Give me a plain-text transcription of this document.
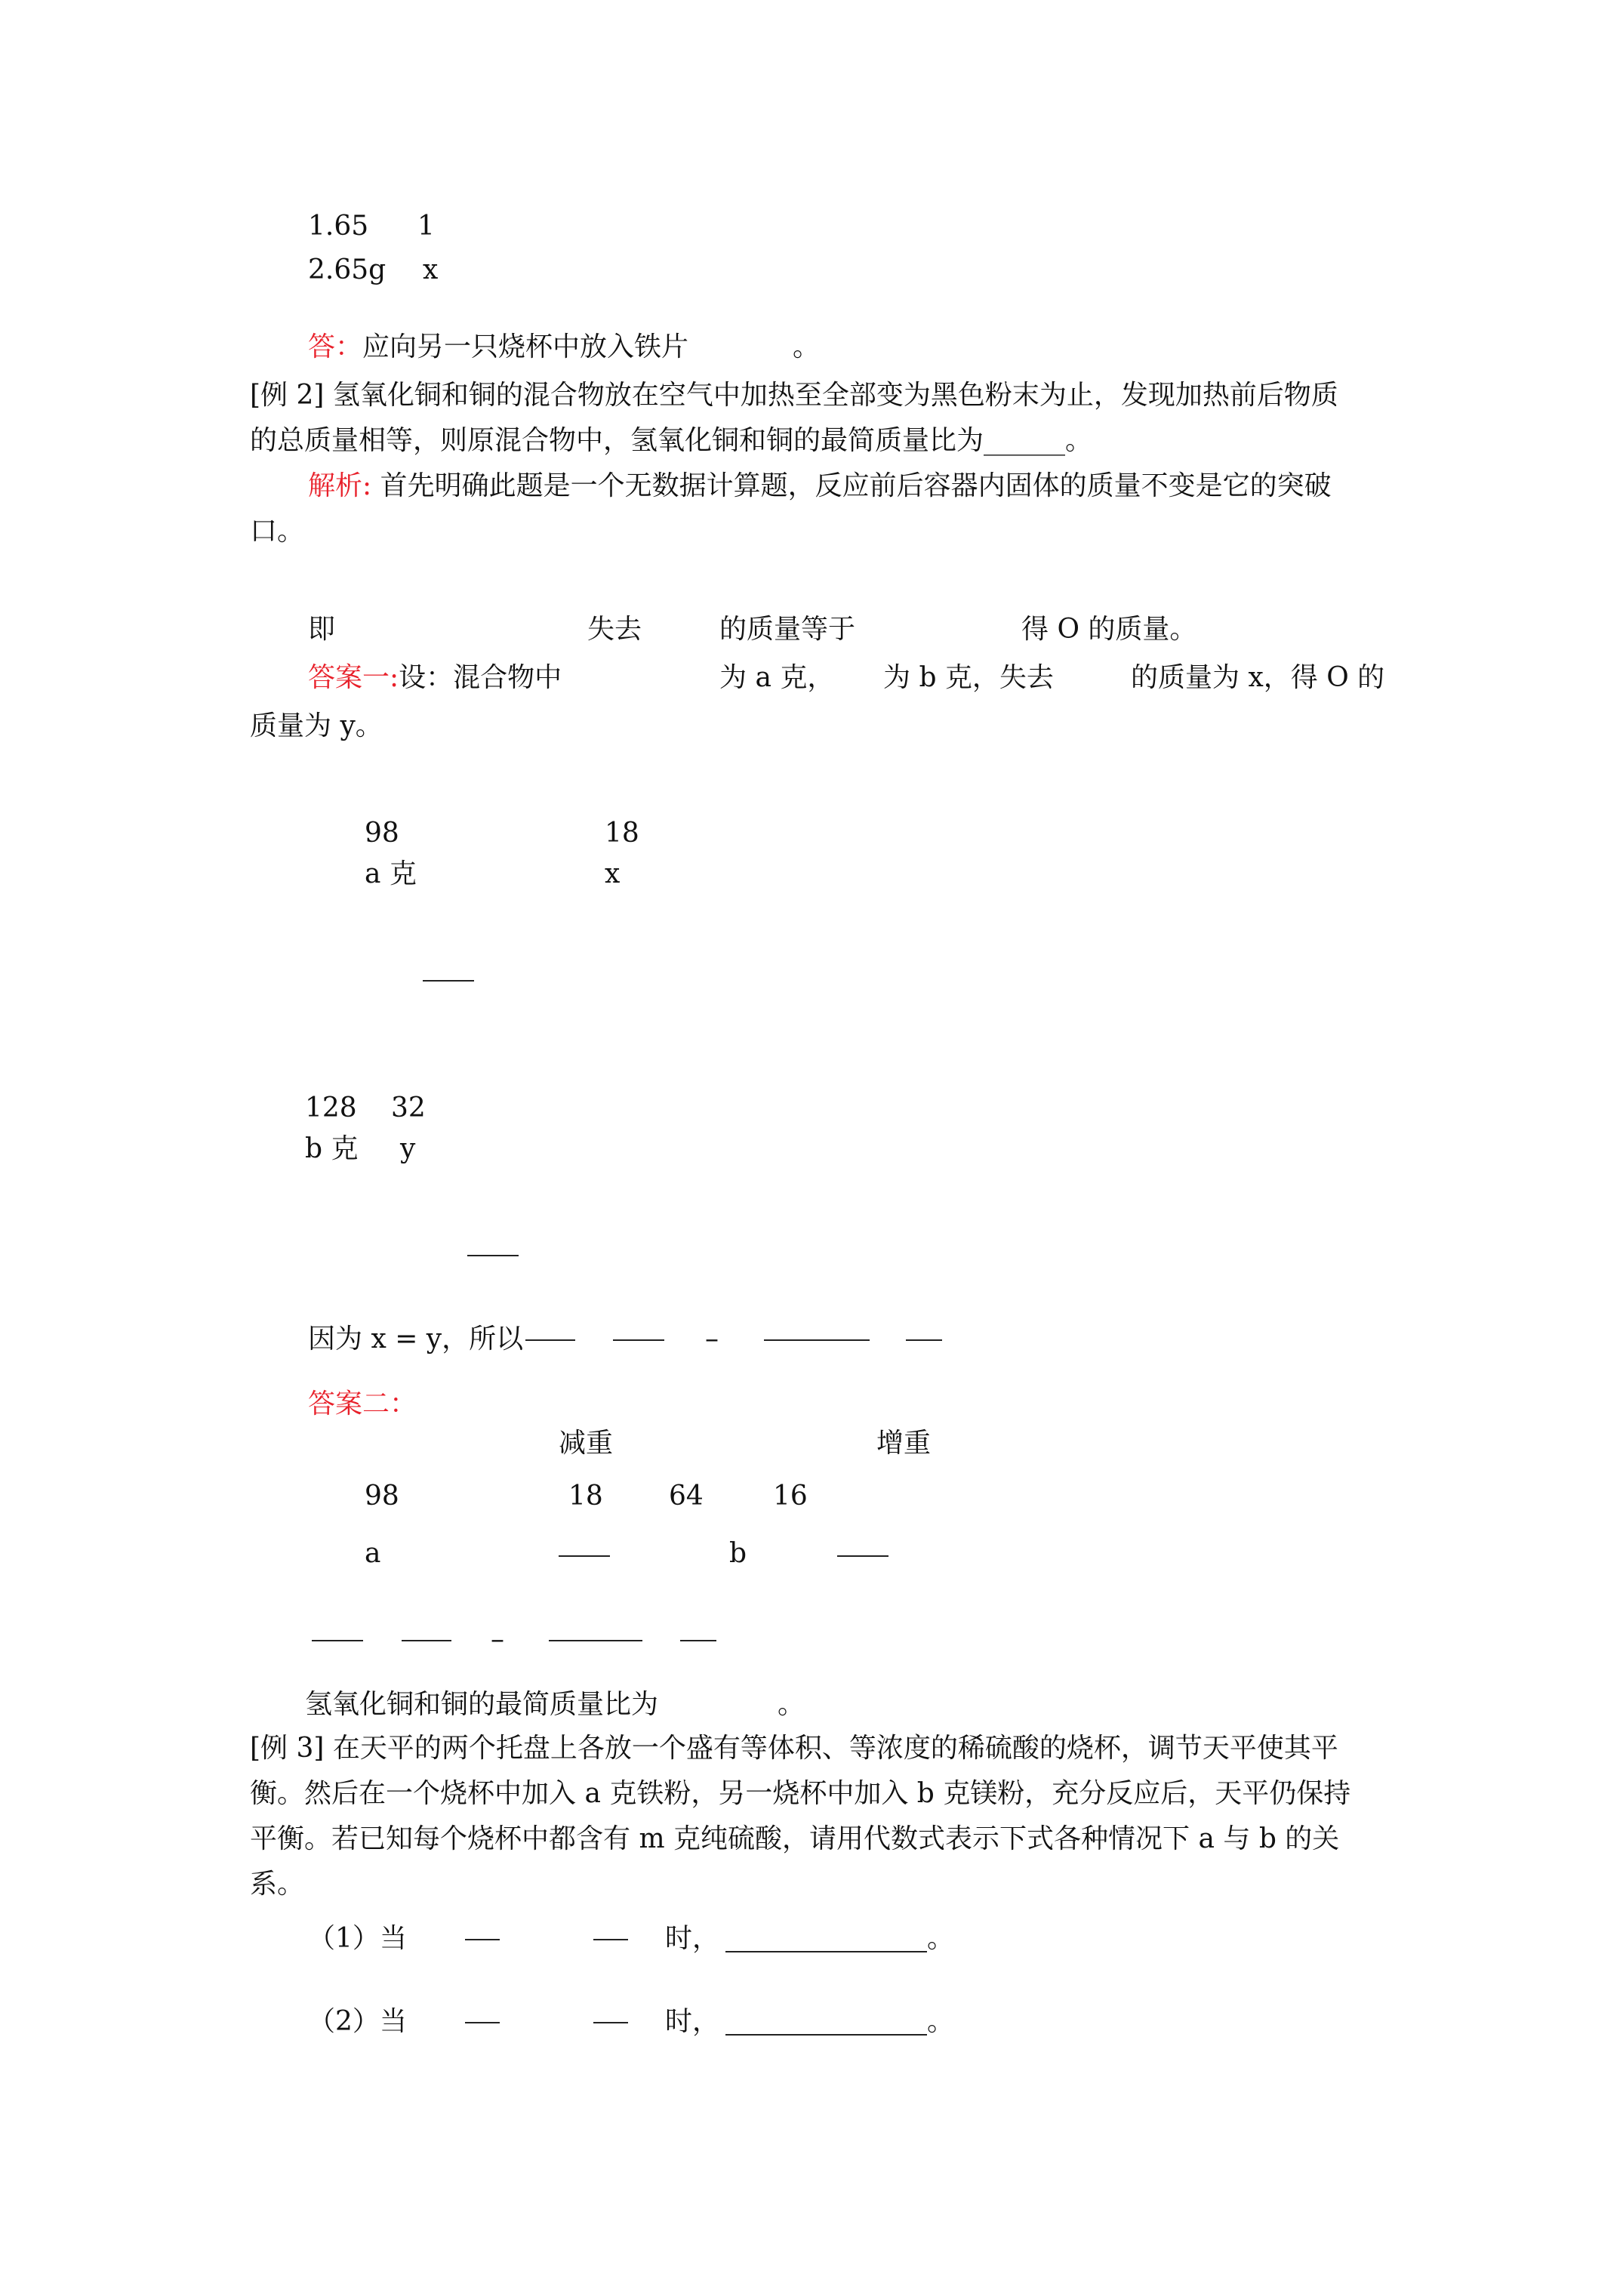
1.65 1
2.65g x
答：应向另一只烧杯中放入铁片	。
[例 2] 氢氧化铜和铜的混合物放在空气中加热至全部变为黑色粉末为止，发现加热前后物质
的总质量相等，则原混合物中，氢氧化铜和铜的最简质量比为______。
解析: 首先明确此题是一个无数据计算题，反应前后容器内固体的质量不变是它的突破
口。
即	失去	的质量等于	得 O 的质量。
答案一:设：混合物中	为 a 克， 为 b 克，失去	的质量为 x，得 O 的
质量为 y。
98	18
a 克	x
128 32
b 克 y
因为 x = y，所以	–
答案二：
减重	增重
98	18 64	16
a	b
–
氢氧化铜和铜的最简质量比为	。
[例 3] 在天平的两个托盘上各放一个盛有等体积、等浓度的稀硫酸的烧杯，调节天平使其平
衡。然后在一个烧杯中加入 a 克铁粉，另一烧杯中加入 b 克镁粉，充分反应后，天平仍保持
平衡。若已知每个烧杯中都含有 m 克纯硫酸，请用代数式表示下式各种情况下 a 与 b 的关
系。
（1）当	时，	。
（2）当	时，	。
